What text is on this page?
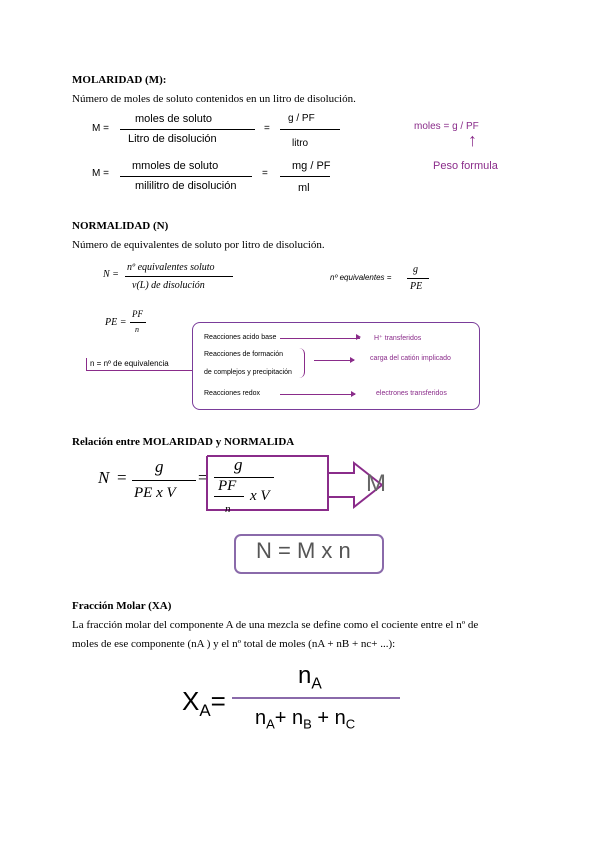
MOLARIDAD (M):
Número de moles de soluto contenidos en un litro de disolución.
M =
moles de soluto
Litro de disolución
=
g / PF
litro
moles = g / PF
↑
Peso formula
M =
mmoles de soluto
mililitro de disolución
=
mg / PF
ml
NORMALIDAD (N)
Número de equivalentes de soluto por litro de disolución.
N =
nº equivalentes soluto
v(L) de disolución
nº equivalentes =
g
PE
PE =
PF
n
n = nº de equivalencia
Reacciones acido base	H⁺ transferidos
Reacciones de formación
carga del catión implicado
de complejos y precipitación
Reacciones redox	electrones transferidos
Relación entre MOLARIDAD y NORMALIDA
N =
g
PE x V
=
g
PF
x V
n
M
N = M x n
Fracción Molar (XA)
La fracción molar del componente A de una mezcla se define como el cociente entre el nº de
moles de ese componente (nA ) y el nº total de moles (nA + nB + nc+ ...):
$X_A=$
$n_A$
$n_A+ n_B + n_C$
